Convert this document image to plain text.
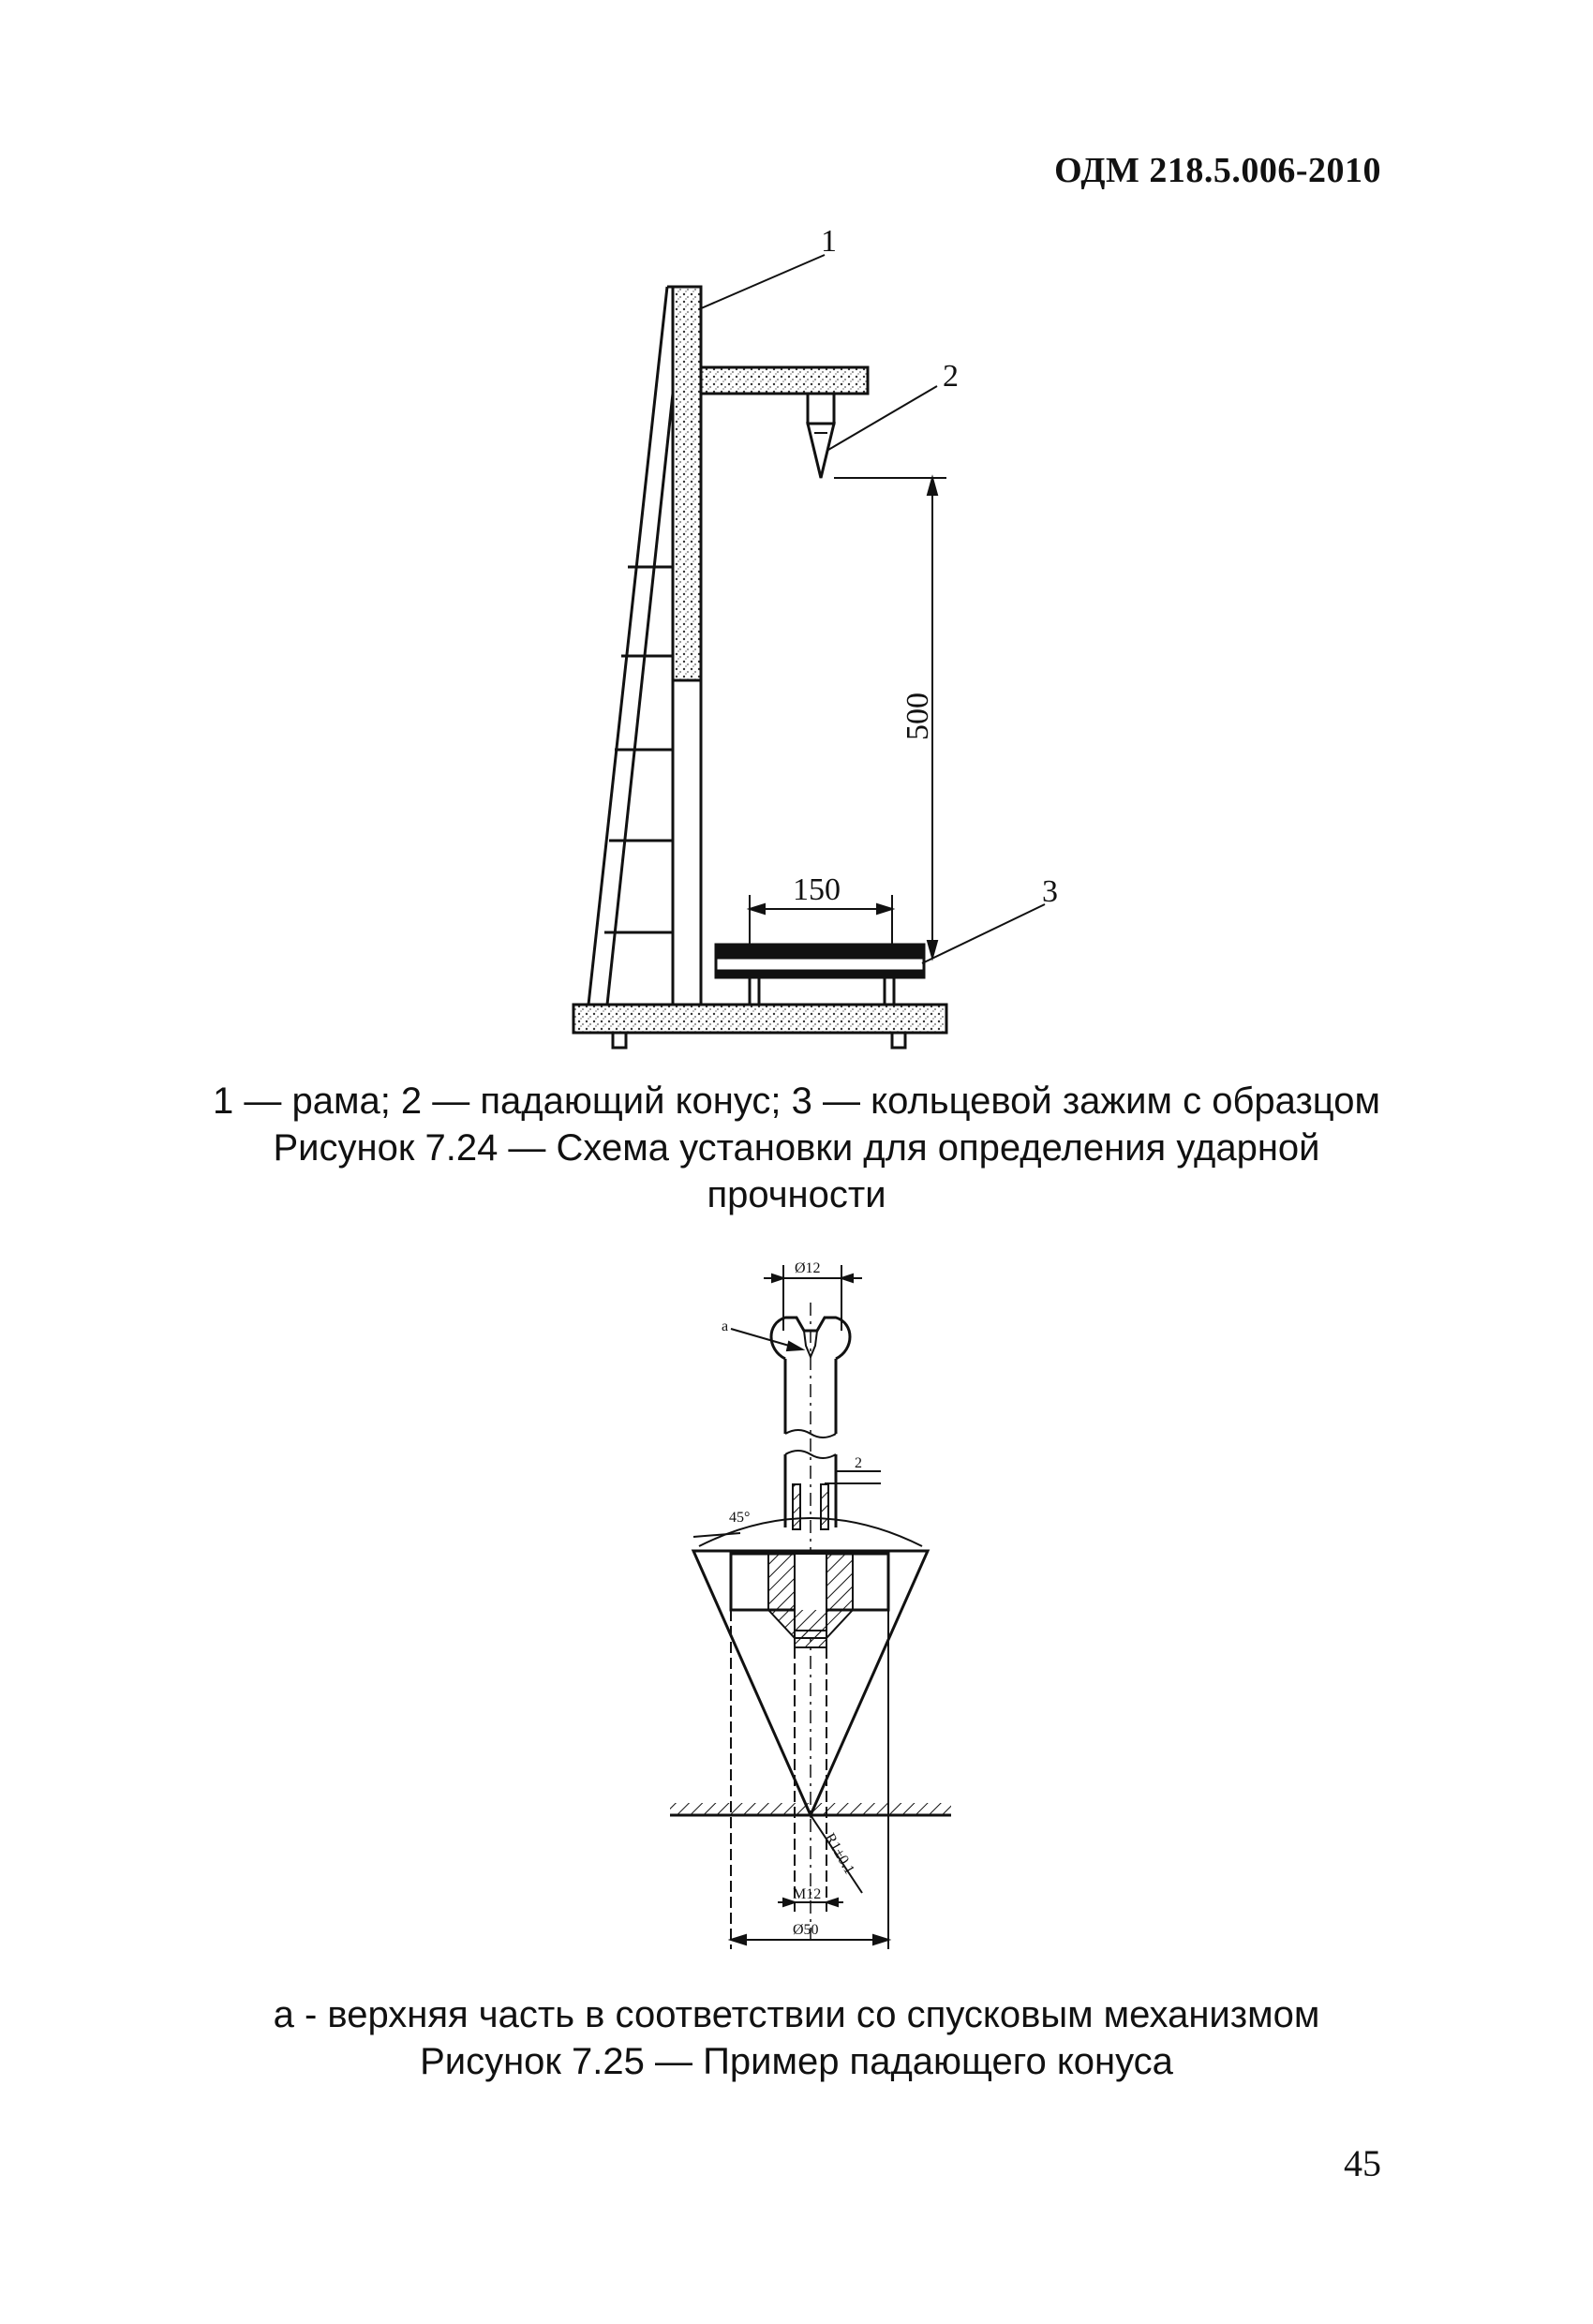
ОДМ 218.5.006-2010
1
2
3
500
150
Ø12
a
2
45°
R1±0.1
M12
Ø50
1 — рама; 2 — падающий конус; 3 — кольцевой зажим с образцом
Рисунок 7.24 — Схема установки для определения ударной
прочности
а - верхняя часть в соответствии со спусковым механизмом
Рисунок 7.25 — Пример падающего конуса
45
